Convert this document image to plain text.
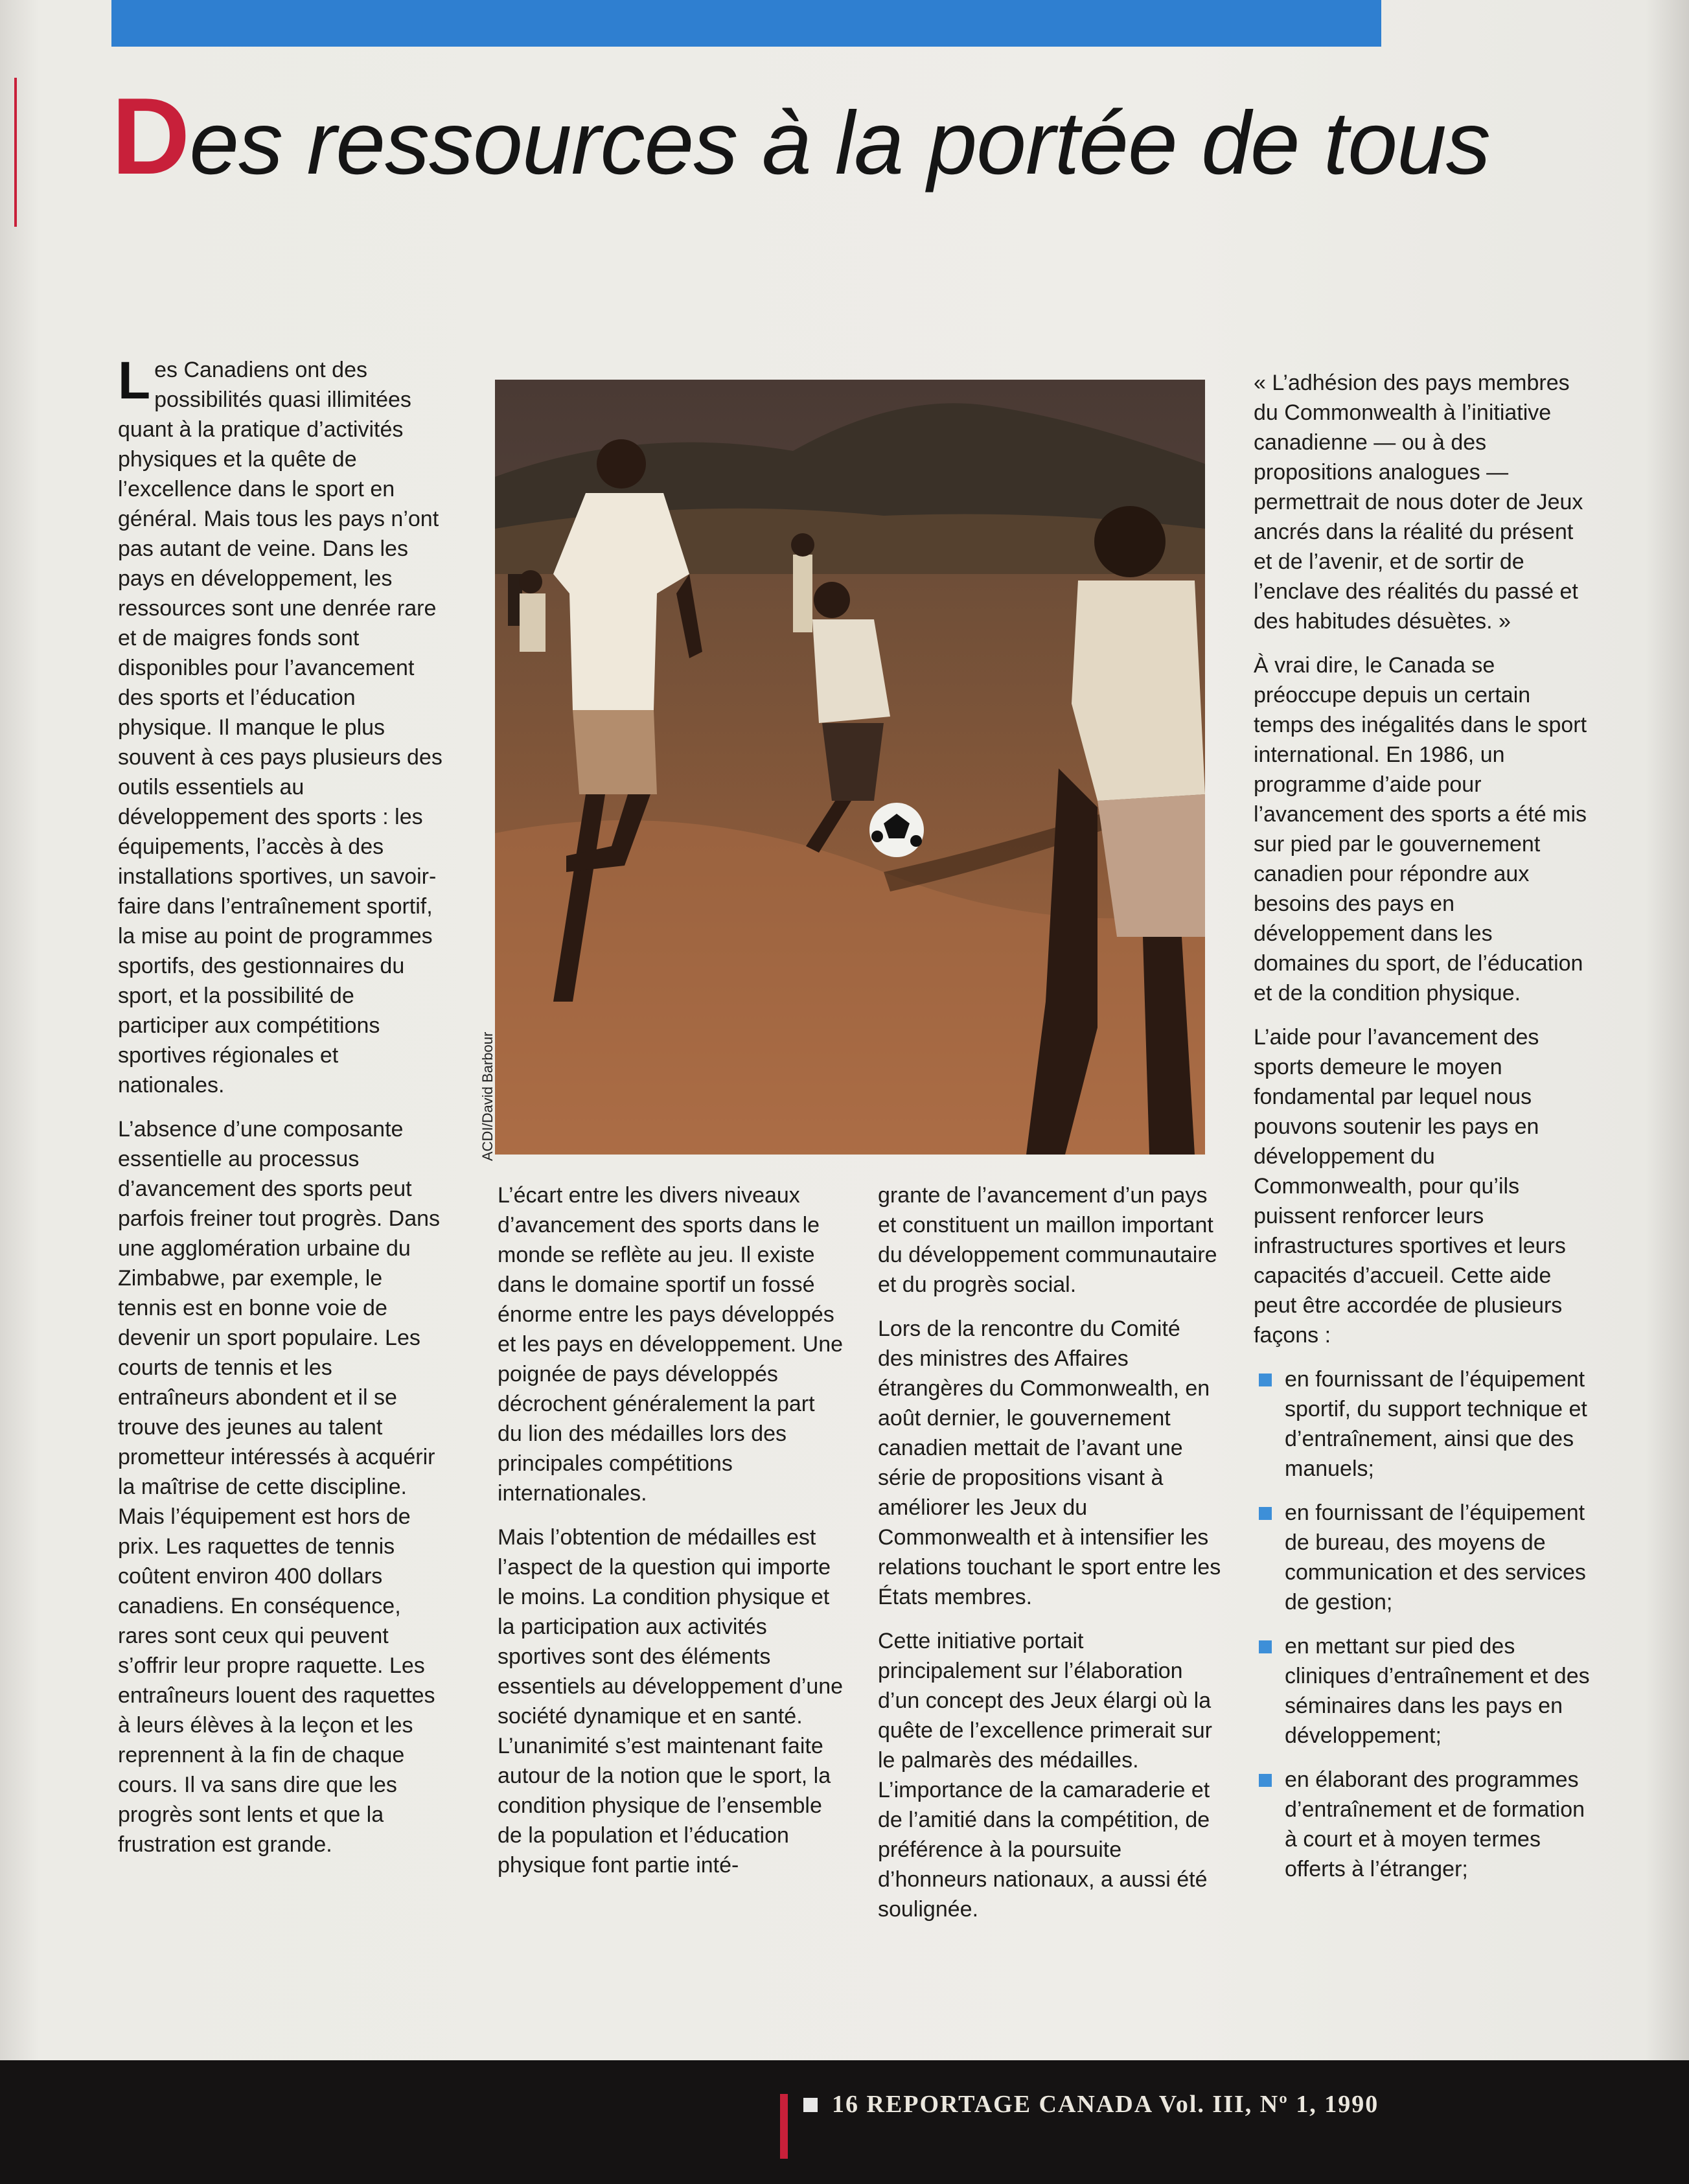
Des ressources à la portée de tous

Les Canadiens ont des possibilités quasi illimitées quant à la pratique d’activités physiques et la quête de l’excellence dans le sport en général. Mais tous les pays n’ont pas autant de veine. Dans les pays en développement, les ressources sont une denrée rare et de maigres fonds sont disponibles pour l’avancement des sports et l’éducation physique. Il manque le plus souvent à ces pays plusieurs des outils essentiels au développement des sports : les équipements, l’accès à des installations sportives, un savoir-faire dans l’entraînement sportif, la mise au point de programmes sportifs, des gestionnaires du sport, et la possibilité de participer aux compétitions sportives régionales et nationales.

L’absence d’une composante essentielle au processus d’avancement des sports peut parfois freiner tout progrès. Dans une agglomération urbaine du Zimbabwe, par exemple, le tennis est en bonne voie de devenir un sport populaire. Les courts de tennis et les entraîneurs abondent et il se trouve des jeunes au talent prometteur intéressés à acquérir la maîtrise de cette discipline. Mais l’équipement est hors de prix. Les raquettes de tennis coûtent environ 400 dollars canadiens. En conséquence, rares sont ceux qui peuvent s’offrir leur propre raquette. Les entraîneurs louent des raquettes à leurs élèves à la leçon et les reprennent à la fin de chaque cours. Il va sans dire que les progrès sont lents et que la frustration est grande.

ACDI/David Barbour

L’écart entre les divers niveaux d’avancement des sports dans le monde se reflète au jeu. Il existe dans le domaine sportif un fossé énorme entre les pays développés et les pays en développement. Une poignée de pays développés décrochent généralement la part du lion des médailles lors des principales compétitions internationales.

Mais l’obtention de médailles est l’aspect de la question qui importe le moins. La condition physique et la participation aux activités sportives sont des éléments essentiels au développement d’une société dynamique et en santé. L’unanimité s’est maintenant faite autour de la notion que le sport, la condition physique de l’ensemble de la population et l’éducation physique font partie inté-

grante de l’avancement d’un pays et constituent un maillon important du développement communautaire et du progrès social.

Lors de la rencontre du Comité des ministres des Affaires étrangères du Commonwealth, en août dernier, le gouvernement canadien mettait de l’avant une série de propositions visant à améliorer les Jeux du Commonwealth et à intensifier les relations touchant le sport entre les États membres.

Cette initiative portait principalement sur l’élaboration d’un concept des Jeux élargi où la quête de l’excellence primerait sur le palmarès des médailles. L’importance de la camaraderie et de l’amitié dans la compétition, de préférence à la poursuite d’honneurs nationaux, a aussi été soulignée.

« L’adhésion des pays membres du Commonwealth à l’initiative canadienne — ou à des propositions analogues — permettrait de nous doter de Jeux ancrés dans la réalité du présent et de l’avenir, et de sortir de l’enclave des réalités du passé et des habitudes désuètes. »

À vrai dire, le Canada se préoccupe depuis un certain temps des inégalités dans le sport international. En 1986, un programme d’aide pour l’avancement des sports a été mis sur pied par le gouvernement canadien pour répondre aux besoins des pays en développement dans les domaines du sport, de l’éducation et de la condition physique.

L’aide pour l’avancement des sports demeure le moyen fondamental par lequel nous pouvons soutenir les pays en développement du Commonwealth, pour qu’ils puissent renforcer leurs infrastructures sportives et leurs capacités d’accueil. Cette aide peut être accordée de plusieurs façons :

en fournissant de l’équipement sportif, du support technique et d’entraînement, ainsi que des manuels;
en fournissant de l’équipement de bureau, des moyens de communication et des services de gestion;
en mettant sur pied des cliniques d’entraînement et des séminaires dans les pays en développement;
en élaborant des programmes d’entraînement et de formation à court et à moyen termes offerts à l’étranger;
16 REPORTAGE CANADA Vol. III, Nº 1, 1990
